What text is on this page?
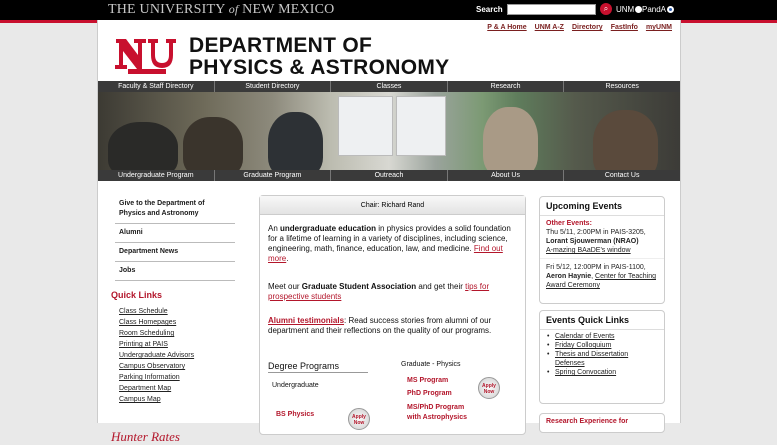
THE UNIVERSITY of NEW MEXICO	Search	⌕ UNM PandA
P & A Home UNM A-Z Directory FastInfo myUNM
DEPARTMENT OF
PHYSICS & ASTRONOMY
Faculty & Staff Directory	Student Directory	Classes	Research	Resources
Undergraduate Program	Graduate Program	Outreach	About Us	Contact Us
Give to the Department of Physics and Astronomy
Alumni
Department News
Jobs
Quick Links
Class Schedule
Class Homepages
Room Scheduling
Printing at PAIS
Undergraduate Advisors
Campus Observatory
Parking Information
Department Map
Campus Map
Hunter Rates
Chair: Richard Rand
An undergraduate education in physics provides a solid foundation for a lifetime of learning in a variety of disciplines, including science, engineering, math, finance, education, law, and medicine. Find out more.
Meet our Graduate Student Association and get their tips for prospective students
Alumni testimonials: Read success stories from alumni of our department and their reflections on the quality of our programs.
Degree Programs
Undergraduate
BS Physics	Apply Now
Graduate - Physics
MS Program
PhD Program
MS/PhD Program with Astrophysics
Apply Now
Upcoming Events
Other Events:
Thu 5/11, 2:00PM in PAIS-3205,
Lorant Sjouwerman (NRAO)
A-mazing BAaDE's window
Fri 5/12, 12:00PM in PAIS-1100,
Aeron Haynie, Center for Teaching Award Ceremony
Events Quick Links
• Calendar of Events
• Friday Colloquium
• Thesis and Dissertation Defenses
• Spring Convocation
Research Experience for
